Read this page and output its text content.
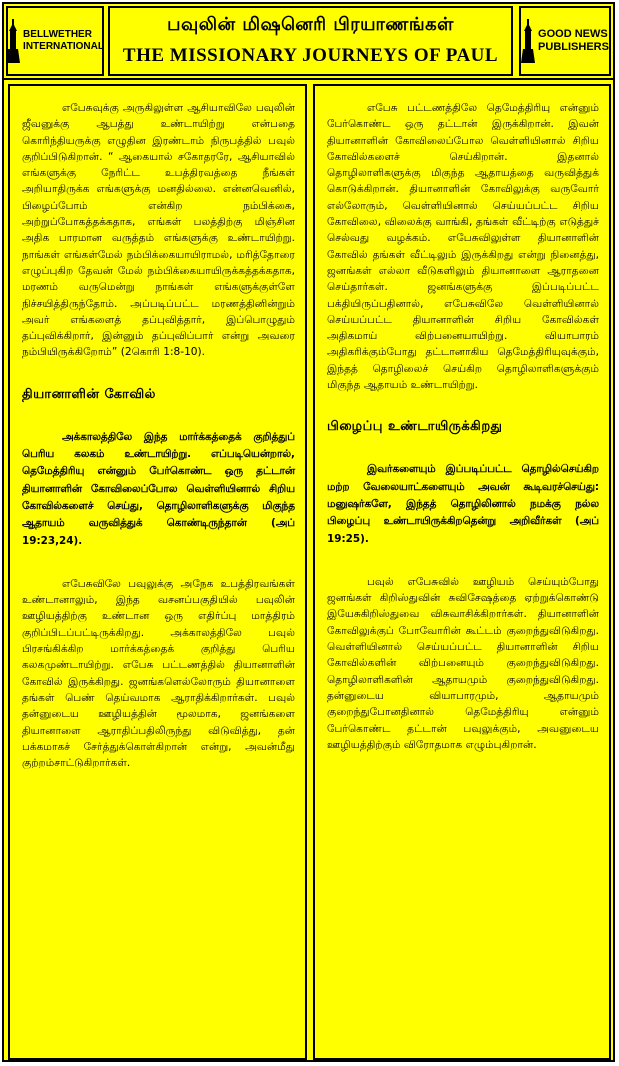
BELLWETHER
INTERNATIONAL
பவுலின் மிஷனெரி பிரயாணங்கள்
THE MISSIONARY JOURNEYS OF PAUL
GOOD NEWS
PUBLISHERS

எபேசுவுக்கு அருகிலுள்ள ஆசியாவிலே பவுலின் ஜீவனுக்கு ஆபத்து உண்டாயிற்று என்பதை கொரிந்தியருக்கு எழுதின இரண்டாம் நிருபத்தில் பவுல் குறிப்பிடுகிறான். “ ஆகையால் சகோதரரே, ஆசியாவில் எங்களுக்கு நேரிட்ட உபத்திரவத்தை நீங்கள் அறியாதிருக்க எங்களுக்கு மனதில்லை. என்னவெனில், பிழைப்போம் என்கிற நம்பிக்கை, அற்றுப்போகத்தக்கதாக, எங்கள் பலத்திற்கு மிஞ்சின அதிக பாரமான வருத்தம் எங்களுக்கு உண்டாயிற்று. நாங்கள் எங்கள்மேல் நம்பிக்கையாயிராமல், மரித்தோரை எழுப்புகிற தேவன் மேல் நம்பிக்கையாயிருக்கத்தக்கதாக, மரணம் வருமென்று நாங்கள் எங்களுக்குள்ளே நிச்சயித்திருந்தோம். அப்படிப்பட்ட மரணத்தினின்றும் அவர் எங்களைத் தப்புவித்தார், இப்பொழுதும் தப்புவிக்கிறார், இன்னும் தப்புவிப்பார் என்று அவரை நம்பியிருக்கிறோம்” (2கொரி 1:8-10).

தியானாளின் கோவில்

அக்காலத்திலே இந்த மார்க்கத்தைக் குறித்துப் பெரிய கலகம் உண்டாயிற்று. எப்படியென்றால், தெமேத்திரியு என்னும் பேர்கொண்ட ஒரு தட்டான் தியானாளின் கோவிலைப்போல வெள்ளியினால் சிறிய கோவில்களைச் செய்து, தொழிலாளிகளுக்கு மிகுந்த ஆதாயம் வருவித்துக் கொண்டிருந்தான் (அப் 19:23,24).

எபேசுவிலே பவுலுக்கு அநேக உபத்திரவங்கள் உண்டானாலும், இந்த வசனப்பகுதியில் பவுலின் ஊழியத்திற்கு உண்டான ஒரு எதிர்ப்பு மாத்திரம் குறிப்பிடப்பட்டிருக்கிறது. அக்காலத்திலே பவுல் பிரசங்கிக்கிற மார்க்கத்தைக் குறித்து பெரிய கலகமுண்டாயிற்று. எபேசு பட்டணத்தில் தியானாளின் கோவில் இருக்கிறது. ஜனங்களெல்லோரும் தியானாளை தங்கள் பெண் தெய்வமாக ஆராதிக்கிறார்கள். பவுல் தன்னுடைய ஊழியத்தின் மூலமாக, ஜனங்களை தியானாளை ஆராதிப்பதிலிருந்து விடுவித்து, தன் பக்கமாகச் சேர்த்துக்கொள்கிறான் என்று, அவன்மீது குற்றம்சாட்டுகிறார்கள்.

எபேசு பட்டணத்திலே தெமேத்திரியு என்னும் பேர்கொண்ட ஒரு தட்டான் இருக்கிறான். இவன் தியானாளின் கோவிலைப்போல வெள்ளியினால் சிறிய கோவில்களைச் செய்கிறான். இதனால் தொழிலாளிகளுக்கு மிகுந்த ஆதாயத்தை வருவித்துக் கொடுக்கிறான். தியானாளின் கோவிலுக்கு வருவோர் எல்லோரும், வெள்ளியினால் செய்யப்பட்ட சிறிய கோவிலை, விலைக்கு வாங்கி, தங்கள் வீட்டிற்கு எடுத்துச் செல்வது வழக்கம். எபேசுவிலுள்ள தியானாளின் கோவில் தங்கள் வீட்டிலும் இருக்கிறது என்று நினைத்து, ஜனங்கள் எல்லா வீடுகளிலும் தியானாளை ஆராதனை செய்தார்கள். ஜனங்களுக்கு இப்படிப்பட்ட பக்தியிருப்பதினால், எபேசுவிலே வெள்ளியினால் செய்யப்பட்ட தியானாளின் சிறிய கோவில்கள் அதிகமாய் விற்பனையாயிற்று. வியாபாரம் அதிகரிக்கும்போது தட்டானாகிய தெமேத்திரியுவுக்கும், இந்தத் தொழிலைச் செய்கிற தொழிலாளிகளுக்கும் மிகுந்த ஆதாயம் உண்டாயிற்று.

பிழைப்பு உண்டாயிருக்கிறது

இவர்களையும் இப்படிப்பட்ட தொழில்செய்கிற மற்ற வேலையாட்களையும் அவன் கூடிவரச்செய்து: மனுஷர்களே, இந்தத் தொழிலினால் நமக்கு நல்ல பிழைப்பு உண்டாயிருக்கிறதென்று அறிவீர்கள் (அப் 19:25).

பவுல் எபேசுவில் ஊழியம் செய்யும்போது ஜனங்கள் கிறிஸ்துவின் சுவிசேஷத்தை ஏற்றுக்கொண்டு இயேசுகிறிஸ்துவை விசுவாசிக்கிறார்கள். தியானாளின் கோவிலுக்குப் போவோரின் கூட்டம் குறைந்துவிடுகிறது. வெள்ளியினால் செய்யப்பட்ட தியானாளின் சிறிய கோவில்களின் விற்பனையும் குறைந்துவிடுகிறது. தொழிலாளிகளின் ஆதாயமும் குறைந்துவிடுகிறது. தன்னுடைய வியாபாரமும், ஆதாயமும் குறைந்துபோனதினால் தெமேத்திரியு என்னும் பேர்கொண்ட தட்டான் பவுலுக்கும், அவனுடைய ஊழியத்திற்கும் விரோதமாக எழும்புகிறான்.
